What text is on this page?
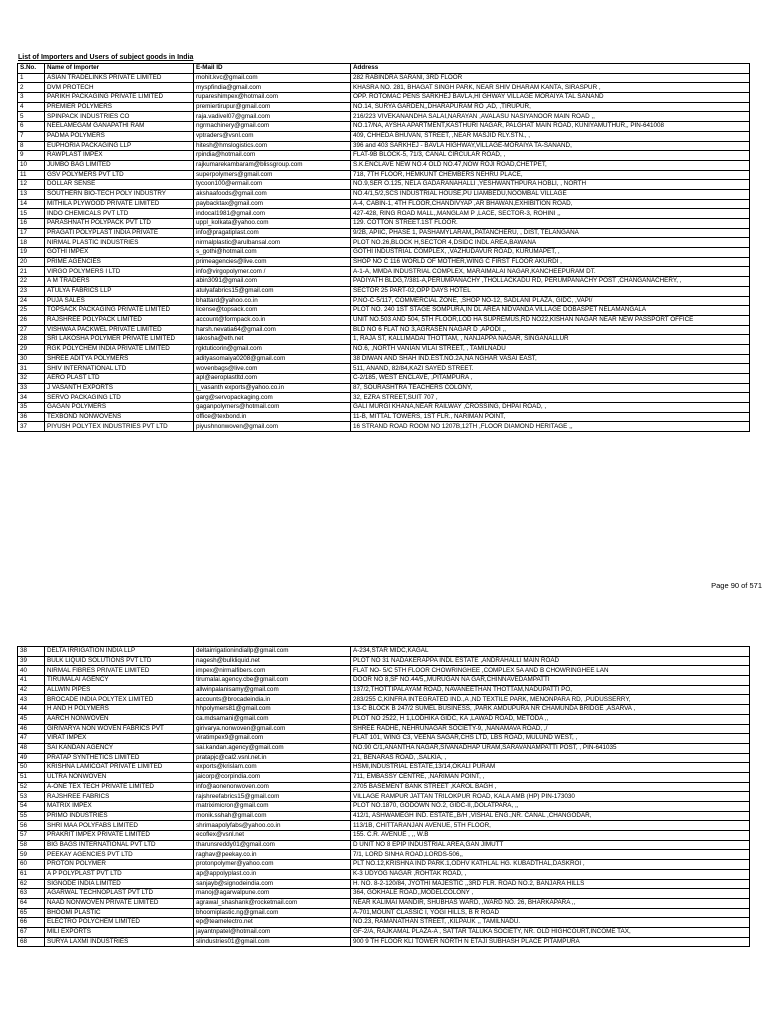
List of Importers and Users of subject goods in India
S.No.	Name of Importer	E-Mail ID	Address
1	ASIAN TRADELINKS PRIVATE LIMITED	mohit.kvc@gmail.com	282 RABINDRA SARANI, 3RD FLOOR
2	DVM PROTECH	myspfindia@gmail.com	KHASRA NO. 281, BHAGAT SINGH PARK, NEAR SHIV DHARAM KANTA, SIRASPUR ,
3	PARIKH PACKAGING PRIVATE LIMITED	rupareshimpex@hotmail.com	OPP. ROTOMAC PENS SARKHEJ BAVLA,HI GHWAY VILLAGE MORAIYA TAL SANAND
4	PREMIER POLYMERS	premiertirupur@gmail.com	NO.14, SURYA GARDEN,,DHARAPURAM RO ,AD, ,TIRUPUR,
5	SPINPACK INDUSTRIES CO	raja.vadivel07@gmail.com	216/223 VIVEKANANDHA SALAI,NARAYAN ,AVALASU NASIYANOOR MAIN ROAD ,,
6	NEELAMEGAM GANAPATHI RAM	ngrmachinery@gmail.com	NO.17/NA, AYSHA APARTMENT,KASTHURI NAGAR, PALGHAT MAIN ROAD, KUNIYAMUTHUR,, PIN-641008
7	PADMA POLYMERS	vptraders@vsnl.com	409, CHHEDA BHUVAN, STREET, ,NEAR MASJID RLY.STN., ,
8	EUPHORIA PACKAGING LLP	hitesh@hmslogistics.com	396 and 403 SARKHEJ - BAVLA HIGHWAY,VILLAGE-MORAIYA TA-SANAND,
9	RAWPLAST IMPEX	rpindia@hotmail.com	FLAT-9B BLOCK-5, 71/3, CANAL CIRCULAR ROAD, ,
10	JUMBO BAG LIMITED	rajkumarekambaram@blissgroup.com	S.K.ENCLAVE NEW NO.4 OLD NO.47,NOW ROJI ROAD,CHETPET,
11	GSV POLYMERS PVT LTD	superpolymers@gmail.com	718, 7TH FLOOR, HEMKUNT CHEMBERS NEHRU PLACE,
12	DOLLAR SENSE	tycoon100@ermail.com	NO.9,SER O.125, NELA GADARANAHALLI ,YESHWANTHPURA HOBLI, , NORTH
13	SOUTHERN BIO-TECH POLY INDUSTRY	akshaafoods@gmail.com	NO.4/1,5/2,SCS INDUSTRIAL HOUSE,PU LIAMBEDU,NOOMBAL VILLAGE
14	MITHILA PLYWOOD PRIVATE LIMITED	paybacktax@gmail.com	A-4, CABIN-1, 4TH FLOOR,CHANDIVYAP ,AR BHAWAN,EXHIBITION ROAD,
15	INDO CHEMICALS PVT LTD	indocal1981@gmail.com	427-428, RING ROAD MALL,,MANGLAM P ,LACE, SECTOR-3, ROHINI ,,
16	PARASHNATH POLYPACK PVT LTD	uppl_kolkata@yahoo.com	129. COTTON STREET.1ST FLOOR.
17	PRAGATI POLYPLAST INDIA PRIVATE	info@pragatiplast.com	9/2B, APIIC, PHASE 1, PASHAMYLARAM,,PATANCHERU, , DIST, TELANGANA
18	NIRMAL PLASTIC INDUSTRIES	nirmalplastic@arulbansal.com	PLOT NO.26,BLOCK H,SECTOR 4,DSIDC INDL AREA,BAWANA
19	GOTHI IMPEX	s_gothi@hotmail.com	GOTHI INDUSTRIAL COMPLEX, ,VAZHUDAVUR ROAD, KURUMAPET, ,
20	PRIME AGENCIES	primeagencies@live.com	SHOP NO C 116 WORLD OF MOTHER,WING C FIRST FLOOR AKURDI ,
21	VIRGO POLYMERS I LTD	info@virgopolymer.com /	A-1-A, MMDA INDUSTRIAL COMPLEX, MARAIMALAI NAGAR,KANCHEEPURAM DT.
22	A M TRADERS	abin3091@gmail.com	PADIYATH BLDG,7/381-A,PERUMPANACHY ,THOLLACKADU RD, PERUMPANACHY POST ,CHANGANACHERY, ,
23	ATULYA FABRICS LLP	atulyafabrics15@gmail.com	SECTOR 25 PART-02,OPP DAYS HOTEL
24	PUJA SALES	bhattard@yahoo.co.in	P.NO-C-5/117, COMMERCIAL ZONE, ,SHOP NO-12, SADLANI PLAZA, GIDC, ,VAPI/
25	TOPSACK PACKAGING PRIVATE LIMITED	license@topsack.com	PLOT NO. 240 1ST STAGE SOMPURA,IN DL AREA NIDVANDA VILLAGE DOBASPET NELAMANGALA
26	RAJSHREE POLYPACK LIMITED	account@formpack.co.in	UNIT NO.503 AND 504, 5TH FLOOR,LOD HA SUPREMUS,RD NO22,KISHAN NAGAR NEAR NEW PASSPORT OFFICE
27	VISHWAA PACKWEL PRIVATE LIMITED	harsh.nevatia64@gmail.com	BLD NO 6 FLAT NO 3,AGRASEN NAGAR D ,APODI ,,
28	SRI LAKOSHA POLYMER PRIVATE LIMITED	lakosha@eth.net	1, RAJA ST, KALLIMADAI THOTTAM, , NANJAPPA NAGAR, SINGANALLUR
29	RGK POLYCHEM INDIA PRIVATE LIMITED	rgktuticorin@gmail.com	NO.6, ,NORTH VANIAN VILAI STREET, , TAMILNADU
30	SHREE ADITYA POLYMERS	adityasomaiya0208@gmail.com	38 DIWAN AND SHAH IND.EST.NO.2A,NA NGHAR VASAI EAST,
31	SHIV INTERNATIONAL LTD	wovenbags@live.com	511, ANAND, 82/84,KAZI SAYED STREET.
32	AERO PLAST LTD	apl@aeroplastltd.com	C-2/185, WEST ENCLAVE, ,PITAMPURA ,
33	J VASANTH EXPORTS	j_vasanth exports@yahoo.co.in	87, SOURASHTRA TEACHERS COLONY,
34	SERVO PACKAGING LTD	garg@servopackaging.com	32, EZRA STREET,SUIT 707 ,
35	GAGAN POLYMERS	gaganpolymers@hotmail.com	GALI MURGI KHANA,NEAR RAILWAY ,CROSSING, DHPAI ROAD, ,
36	TEXBOND NONWOVENS	office@texbond.in	11-B, MITTAL TOWERS, 1ST FLR., NARIMAN POINT,
37	PIYUSH POLYTEX INDUSTRIES PVT LTD	piyushnonwoven@gmail.com	16 STRAND ROAD ROOM NO 1207B,12TH ,FLOOR DIAMOND HERITAGE ,,
Page 90 of 571
38	DELTA IRRIGATION INDIA LLP	deltairrigationindiallp@gmail.com	A-234,STAR MIDC,KAGAL
39	BULK LIQUID SOLUTIONS PVT LTD	nagesh@bulkliquid.net	PLOT NO 31 NADAKERAPPA INDL ESTATE ,ANDRAHALLI MAIN ROAD
40	NIRMAL FIBRES PRIVATE LIMITED	impex@nirmalfibers.com	FLAT NO- 5/C 5TH FLOOR CHOWRINGHEE ,COMPLEX 5A AND B CHOWRINGHEE LAN
41	TIRUMALAI AGENCY	tirumalai.agency.cbe@gmail.com	DOOR NO 8,SF NO.44/5,,MURUGAN NA GAR,CHINNAVEDAMPATTI
42	ALLWIN PIPES	allwinpalanisamy@gmail.com	137/2,THOTTIPALAYAM ROAD, NAVANEETHAN THOTTAM,NADUPATTI PO,
43	BROCADE INDIA POLYTEX LIMITED	accounts@brocadeindia.in	283/255 C,KINFRA INTEGRATED IND.,A ,ND TEXTILE PARK, MENONPARA RD, ,PUDUSSERRY,
44	H AND H POLYMERS	hhpolymers81@gmail.com	13-C BLOCK B 247/2 SUMEL BUSINESS, ,PARK AMDUPURA NR CHAMUNDA BRIDGE ,ASARVA ,
45	AARCH NONWOVEN	ca.mdsamani@gmail.com	PLOT NO 2522, H 1,LODHIKA GIDC, KA ,LAWAD ROAD, METODA ,,
46	GIRIVARYA NON WOVEN FABRICS PVT	girivarya.nonwoven@gmail.com	SHREE RADHE, NEHRUNAGAR SOCIETY-9, ,NANAMAVA ROAD, ,/
47	VIRAT IMPEX	viratimpex9@gmail.com	FLAT 101, WING C3, VEENA SAGAR,CHS LTD, LBS ROAD, MULUND WEST, ,
48	SAI KANDAN AGENCY	sai.kandan.agency@gmail.com	NO.90 C/1,ANANTHA NAGAR,SIVANADHAP URAM,SARAVANAMPATTI POST, , PIN-641035
49	PRATAP SYNTHETICS LIMITED	pratapjc@cal2.vsnl.net.in	21, BENARAS ROAD, ,SALKIA, ,
50	KRISHNA LAMICOAT PRIVATE LIMITED	exports@krislam.com	HSMI,INDUSTRIAL ESTATE,13/14,OKALI PURAM
51	ULTRA NONWOVEN	jaicorp@corpindia.com	711, EMBASSY CENTRE, ,NARIMAN POINT, ,
52	A-ONE TEX TECH PRIVATE LIMITED	info@aonenonwoven.com	2705 BASEMENT BANK STREET ,KAROL BAGH ,
53	RAJSHREE FABRICS	rajshreefabrics15@gmail.com	VILLAGE RAMPUR JATTAN TRILOKPUR ROAD, KALA AMB (HP) PIN-173030
54	MATRIX IMPEX	matriximicron@gmail.com	PLOT NO.1870, GODOWN NO.2, GIDC-II,,DOLATPARA, ,,
55	PRIMO INDUSTRIES	monik.sshah@gmail.com	412/1, ASHWAMEGH IND. ESTATE,,B/H ,VISHAL ENG.,NR. CANAL ,CHANGODAR,
56	SHRI MAA POLYFABS LIMITED	shrimaapolyfabs@yahoo.co.in	113/1B, CHITTARANJAN AVENUE, 5TH FLOOR,
57	PRAKRIT IMPEX PRIVATE LIMITED	ecoflex@vsnl.net	155. C.R. AVENUE , ,, W.B
58	BIG BAGS INTERNATIONAL PVT LTD	tharunsreddy01@gmail.com	D UNIT NO 8 EPIP INDUSTRIAL AREA,GAN JIMUTT
59	PEEKAY AGENCIES PVT LTD	raghav@peekay.co.in	7/1, LORD SINHA ROAD,LORDS-506,,
60	PROTON POLYMER	protonpolymer@yahoo.com	PLT NO.12,KRISHNA IND PARK.1,ODHV KATHLAL HG. KUBADTHAL,DASKROI ,
61	A P POLYPLAST PVT LTD	ap@appolyplast.co.in	K-3 UDYOG NAGAR ,ROHTAK ROAD, ,
62	SIGNODE INDIA LIMITED	sanjayb@signodeindia.com	H. NO. 8-2-120/84, JYOTHI MAJESTIC ,,3RD FLR. ROAD NO.2, BANJARA HILLS
63	AGARWAL TECHNOPLAST PVT LTD	manoj@agarwalpune.com	364, GOKHALE ROAD,,MODELCOLONY ,
64	NAAD NONWOVEN PRIVATE LIMITED	agrawal_shashank@rocketmail.com	NEAR KALIMAI MANDIR, SHUBHAS WARD, ,WARD NO. 26, BHARKAPARA ,,
65	BHOOMI PLASTIC	bhoomiplastic.ng@gmail.com	A-701,MOUNT CLASSIC I, YOGI HILLS, B R ROAD
66	ELECTRO POLYCHEM LIMITED	ep@teamelectro.net	NO.23, RAMANATHAN STREET, ,KILPAUK ,, TAMILNADU.
67	MILI EXPORTS	jayantnpatel@hotmail.com	GF-2/A, RAJKAMAL PLAZA-A , SATTAR TALUKA SOCIETY, NR. OLD HIGHCOURT,INCOME TAX,
68	SURYA LAXMI INDUSTRIES	slindustries01@gmail.com	900 9 TH FLOOR KLI TOWER NORTH N ETAJI SUBHASH PLACE PITAMPURA
